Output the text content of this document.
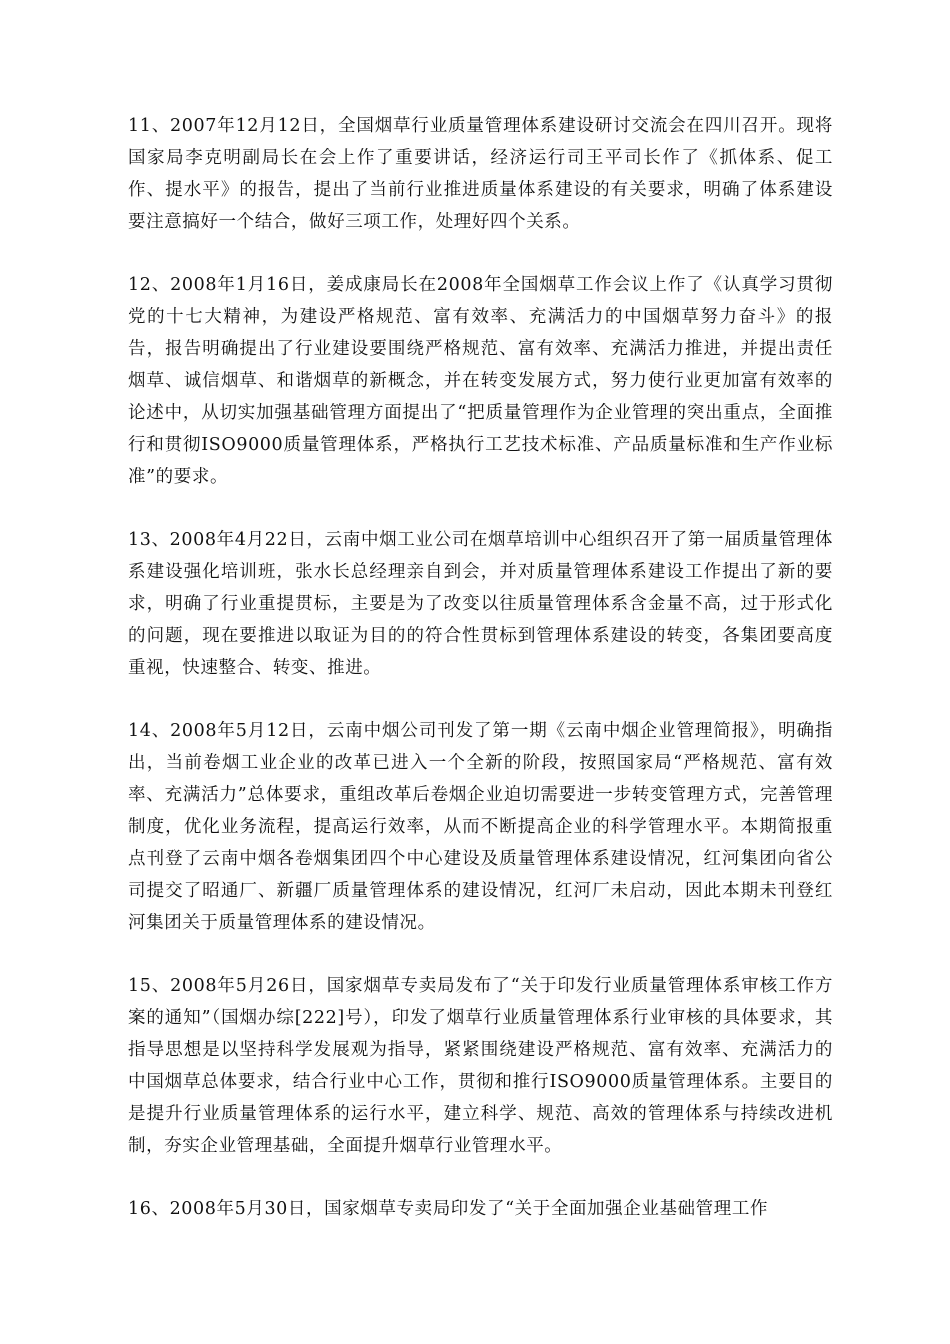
11、2007年12月12日，全国烟草行业质量管理体系建设研讨交流会在四川召开。现将国家局李克明副局长在会上作了重要讲话，经济运行司王平司长作了《抓体系、促工作、提水平》的报告，提出了当前行业推进质量体系建设的有关要求，明确了体系建设要注意搞好一个结合，做好三项工作，处理好四个关系。

12、2008年1月16日，姜成康局长在2008年全国烟草工作会议上作了《认真学习贯彻党的十七大精神，为建设严格规范、富有效率、充满活力的中国烟草努力奋斗》的报告，报告明确提出了行业建设要围绕严格规范、富有效率、充满活力推进，并提出责任烟草、诚信烟草、和谐烟草的新概念，并在转变发展方式，努力使行业更加富有效率的论述中，从切实加强基础管理方面提出了“把质量管理作为企业管理的突出重点，全面推行和贯彻ISO9000质量管理体系，严格执行工艺技术标准、产品质量标准和生产作业标准”的要求。

13、2008年4月22日，云南中烟工业公司在烟草培训中心组织召开了第一届质量管理体系建设强化培训班，张水长总经理亲自到会，并对质量管理体系建设工作提出了新的要求，明确了行业重提贯标，主要是为了改变以往质量管理体系含金量不高，过于形式化的问题，现在要推进以取证为目的的符合性贯标到管理体系建设的转变，各集团要高度重视，快速整合、转变、推进。

14、2008年5月12日，云南中烟公司刊发了第一期《云南中烟企业管理简报》，明确指出，当前卷烟工业企业的改革已进入一个全新的阶段，按照国家局“严格规范、富有效率、充满活力”总体要求，重组改革后卷烟企业迫切需要进一步转变管理方式，完善管理制度，优化业务流程，提高运行效率，从而不断提高企业的科学管理水平。本期简报重点刊登了云南中烟各卷烟集团四个中心建设及质量管理体系建设情况，红河集团向省公司提交了昭通厂、新疆厂质量管理体系的建设情况，红河厂未启动，因此本期未刊登红河集团关于质量管理体系的建设情况。

15、2008年5月26日，国家烟草专卖局发布了“关于印发行业质量管理体系审核工作方案的通知”（国烟办综[222]号），印发了烟草行业质量管理体系行业审核的具体要求，其指导思想是以坚持科学发展观为指导，紧紧围绕建设严格规范、富有效率、充满活力的中国烟草总体要求，结合行业中心工作，贯彻和推行ISO9000质量管理体系。主要目的是提升行业质量管理体系的运行水平，建立科学、规范、高效的管理体系与持续改进机制，夯实企业管理基础，全面提升烟草行业管理水平。

16、2008年5月30日，国家烟草专卖局印发了“关于全面加强企业基础管理工作
